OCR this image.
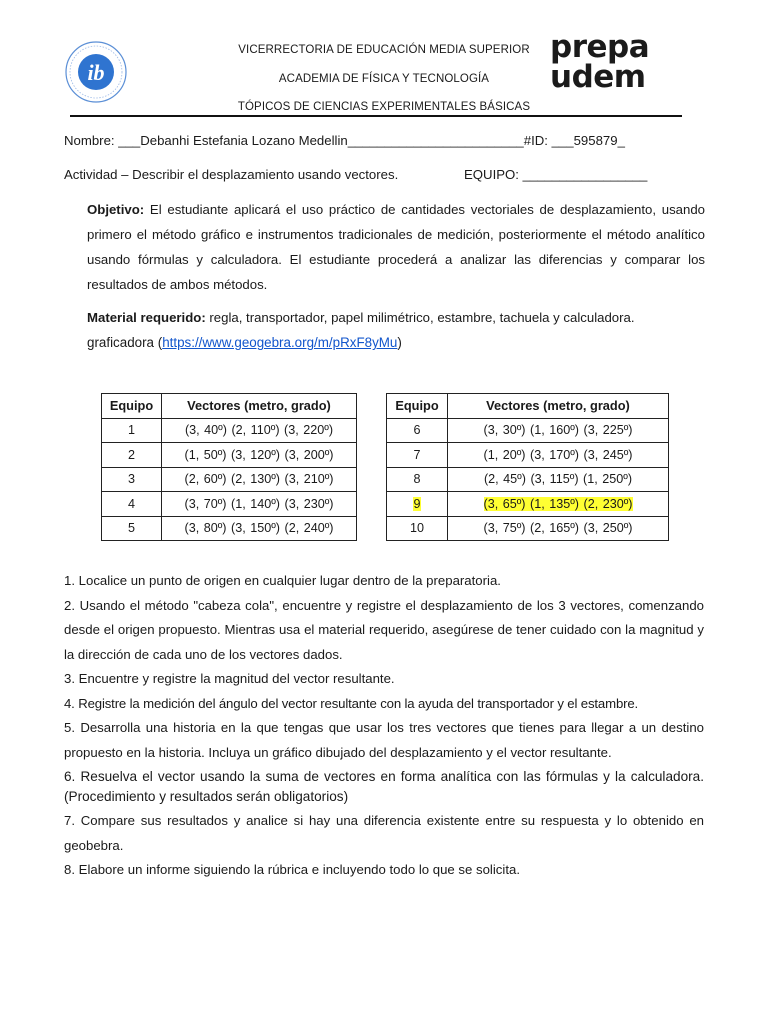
ib
VICERRECTORIA DE EDUCACIÓN MEDIA SUPERIOR
ACADEMIA DE FÍSICA Y TECNOLOGÍA
TÓPICOS DE CIENCIAS EXPERIMENTALES BÁSICAS
prepa
udem
Nombre: ___Debanhi Estefania Lozano Medellin________________________#ID: ___595879_
Actividad – Describir el desplazamiento usando vectores.	EQUIPO: _________________
Objetivo: El estudiante aplicará el uso práctico de cantidades vectoriales de desplazamiento, usando primero el método gráfico e instrumentos tradicionales de medición, posteriormente el método analítico usando fórmulas y calculadora. El estudiante procederá a analizar las diferencias y comparar los resultados de ambos métodos.
Material requerido: regla, transportador, papel milimétrico, estambre, tachuela y calculadora.
graficadora (https://www.geogebra.org/m/pRxF8yMu)
Equipo	Vectores (metro, grado)
1	(3, 40º) (2, 110º) (3, 220º)
2	(1, 50º) (3, 120º) (3, 200º)
3	(2, 60º) (2, 130º) (3, 210º)
4	(3, 70º) (1, 140º) (3, 230º)
5	(3, 80º) (3, 150º) (2, 240º)
Equipo	Vectores (metro, grado)
6	(3, 30º) (1, 160º) (3, 225º)
7	(1, 20º) (3, 170º) (3, 245º)
8	(2, 45º) (3, 115º) (1, 250º)
9	(3, 65º) (1, 135º) (2, 230º)
10	(3, 75º) (2, 165º) (3, 250º)

1. Localice un punto de origen en cualquier lugar dentro de la preparatoria.

2. Usando el método "cabeza cola", encuentre y registre el desplazamiento de los 3 vectores, comenzando desde el origen propuesto. Mientras usa el material requerido, asegúrese de tener cuidado con la magnitud y la dirección de cada uno de los vectores dados.

3. Encuentre y registre la magnitud del vector resultante.

4. Registre la medición del ángulo del vector resultante con la ayuda del transportador y el estambre.

5. Desarrolla una historia en la que tengas que usar los tres vectores que tienes para llegar a un destino propuesto en la historia. Incluya un gráfico dibujado del desplazamiento y el vector resultante.

6. Resuelva el vector usando la suma de vectores en forma analítica con las fórmulas y la calculadora. (Procedimiento y resultados serán obligatorios)

7. Compare sus resultados y analice si hay una diferencia existente entre su respuesta y lo obtenido en geobebra.

8. Elabore un informe siguiendo la rúbrica e incluyendo todo lo que se solicita.
